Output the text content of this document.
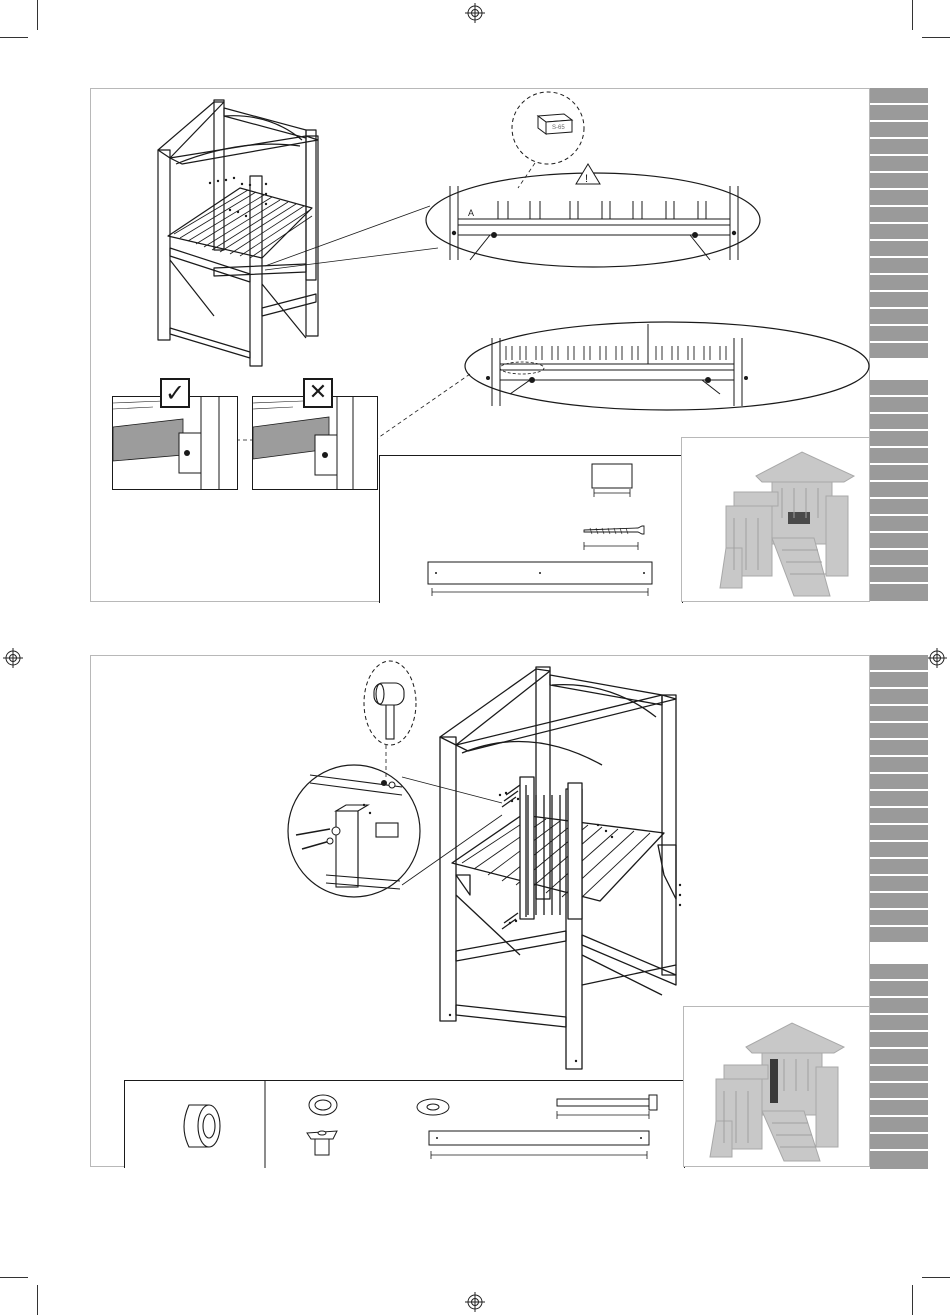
A
!
S-65
✓	✕
